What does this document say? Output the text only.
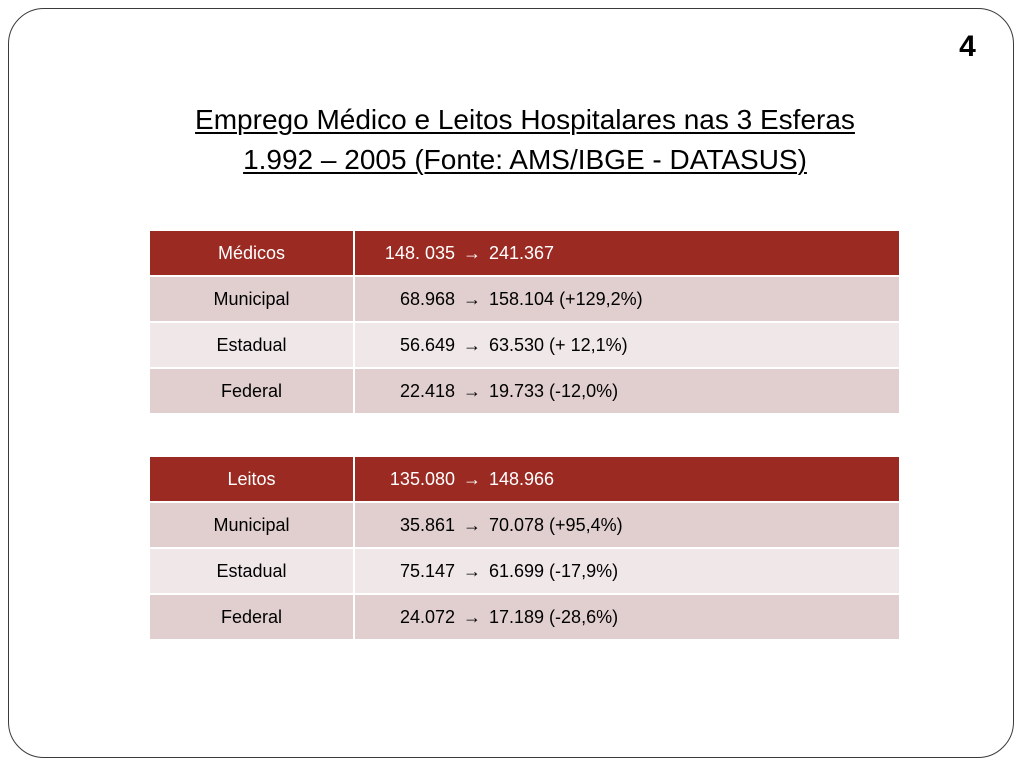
4
Emprego Médico e Leitos Hospitalares nas 3 Esferas
1.992 – 2005 (Fonte: AMS/IBGE - DATASUS)
Médicos	148. 035 → 241.367
Municipal	68.968 → 158.104 (+129,2%)
Estadual	56.649 → 63.530 (+ 12,1%)
Federal	22.418 → 19.733 (-12,0%)
Leitos	135.080 → 148.966
Municipal	35.861 → 70.078 (+95,4%)
Estadual	75.147 → 61.699 (-17,9%)
Federal	24.072 → 17.189 (-28,6%)
